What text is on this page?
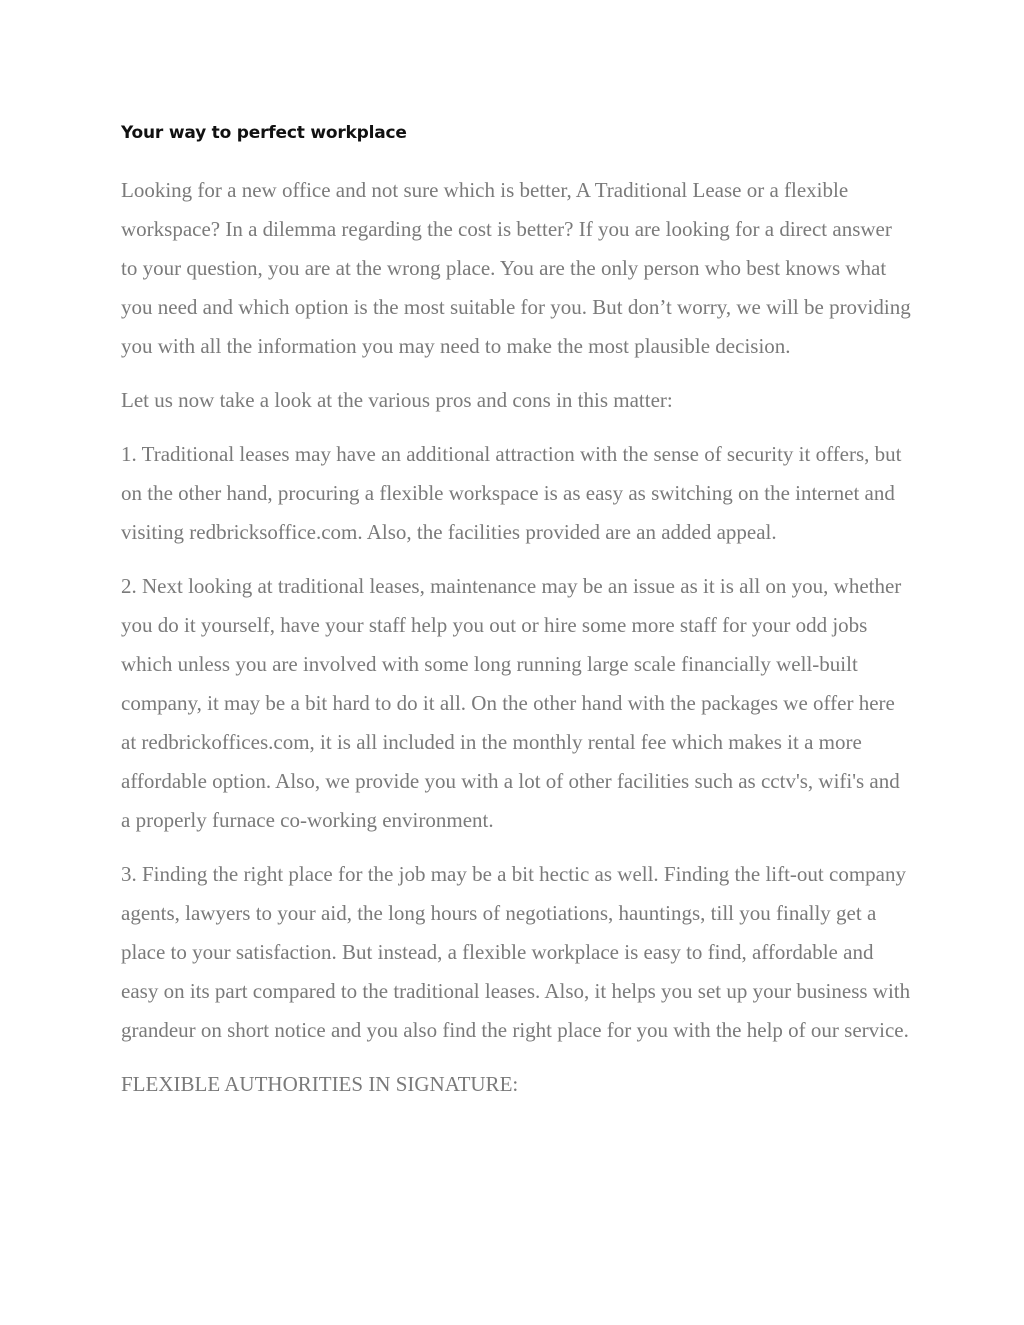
Your way to perfect workplace

Looking for a new office and not sure which is better, A Traditional Lease or a flexible workspace? In a dilemma regarding the cost is better? If you are looking for a direct answer to your question, you are at the wrong place. You are the only person who best knows what you need and which option is the most suitable for you. But don’t worry, we will be providing you with all the information you may need to make the most plausible decision.

Let us now take a look at the various pros and cons in this matter:

1. Traditional leases may have an additional attraction with the sense of security it offers, but on the other hand, procuring a flexible workspace is as easy as switching on the internet and visiting redbricksoffice.com. Also, the facilities provided are an added appeal.

2. Next looking at traditional leases, maintenance may be an issue as it is all on you, whether you do it yourself, have your staff help you out or hire some more staff for your odd jobs which unless you are involved with some long running large scale financially well-built company, it may be a bit hard to do it all. On the other hand with the packages we offer here at redbrickoffices.com, it is all included in the monthly rental fee which makes it a more affordable option. Also, we provide you with a lot of other facilities such as cctv's, wifi's and a properly furnace co-working environment.

3. Finding the right place for the job may be a bit hectic as well. Finding the lift-out company agents, lawyers to your aid, the long hours of negotiations, hauntings, till you finally get a place to your satisfaction. But instead, a flexible workplace is easy to find, affordable and easy on its part compared to the traditional leases. Also, it helps you set up your business with grandeur on short notice and you also find the right place for you with the help of our service.

FLEXIBLE AUTHORITIES IN SIGNATURE:
